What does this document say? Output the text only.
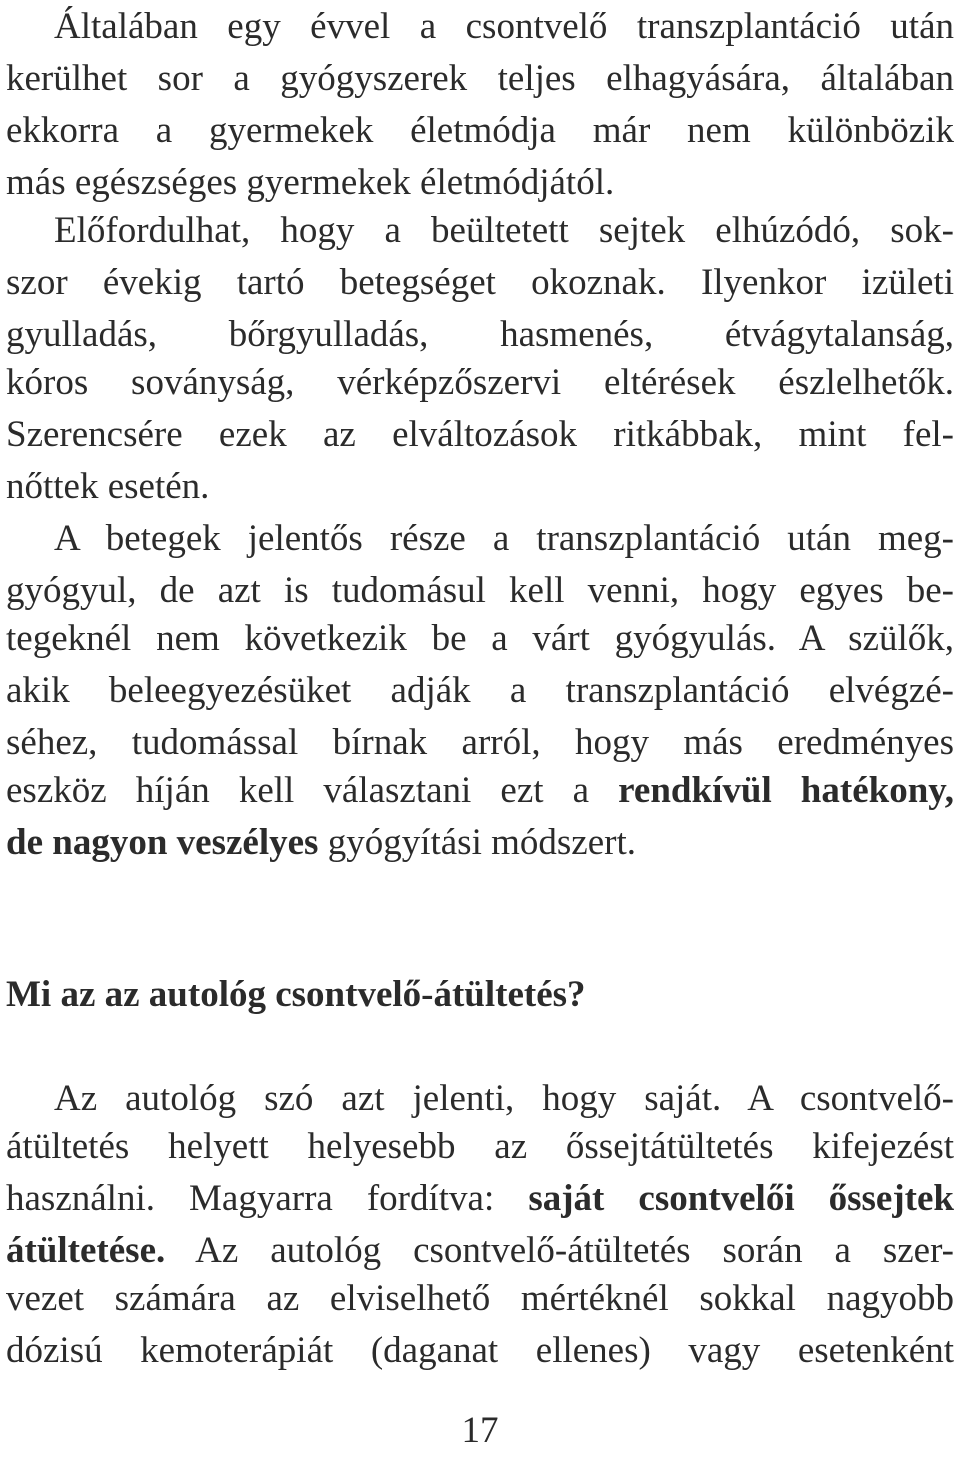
Általában egy évvel a csontvelő transzplantáció után
kerülhet sor a gyógyszerek teljes elhagyására, általában
ekkorra a gyermekek életmódja már nem különbözik
más egészséges gyermekek életmódjától.
Előfordulhat, hogy a beültetett sejtek elhúzódó, sok-
szor évekig tartó betegséget okoznak. Ilyenkor izületi
gyulladás, bőrgyulladás, hasmenés, étvágytalanság,
kóros soványság, vérképzőszervi eltérések észlelhetők.
Szerencsére ezek az elváltozások ritkábbak, mint fel-
nőttek esetén.
A betegek jelentős része a transzplantáció után meg-
gyógyul, de azt is tudomásul kell venni, hogy egyes be-
tegeknél nem következik be a várt gyógyulás. A szülők,
akik beleegyezésüket adják a transzplantáció elvégzé-
séhez, tudomással bírnak arról, hogy más eredményes
eszköz híján kell választani ezt a rendkívül hatékony,
de nagyon veszélyes gyógyítási módszert.
Mi az az autológ csontvelő-átültetés?
Az autológ szó azt jelenti, hogy saját. A csontvelő-
átültetés helyett helyesebb az őssejtátültetés kifejezést
használni. Magyarra fordítva: saját csontvelői őssejtek
átültetése. Az autológ csontvelő-átültetés során a szer-
vezet számára az elviselhető mértéknél sokkal nagyobb
dózisú kemoterápiát (daganat ellenes) vagy esetenként
17
